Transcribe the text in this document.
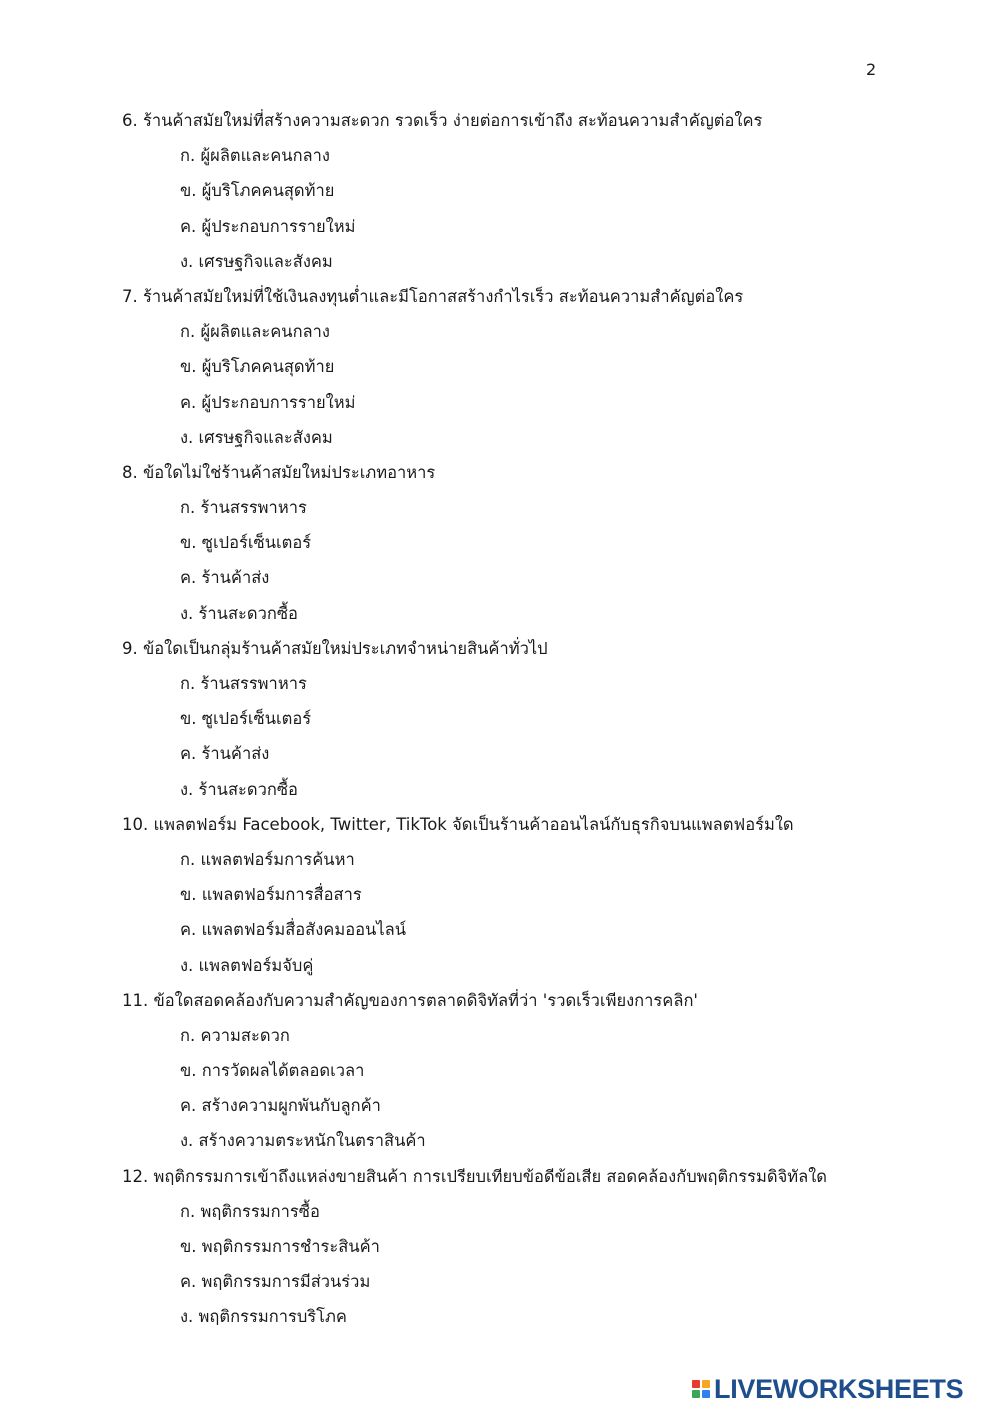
2

6. ร้านค้าสมัยใหม่ที่สร้างความสะดวก รวดเร็ว ง่ายต่อการเข้าถึง สะท้อนความสำคัญต่อใคร

ก. ผู้ผลิตและคนกลาง

ข. ผู้บริโภคคนสุดท้าย

ค. ผู้ประกอบการรายใหม่

ง. เศรษฐกิจและสังคม

7. ร้านค้าสมัยใหม่ที่ใช้เงินลงทุนต่ำและมีโอกาสสร้างกำไรเร็ว สะท้อนความสำคัญต่อใคร

ก. ผู้ผลิตและคนกลาง

ข. ผู้บริโภคคนสุดท้าย

ค. ผู้ประกอบการรายใหม่

ง. เศรษฐกิจและสังคม

8. ข้อใดไม่ใช่ร้านค้าสมัยใหม่ประเภทอาหาร

ก. ร้านสรรพาหาร

ข. ซูเปอร์เซ็นเตอร์

ค. ร้านค้าส่ง

ง. ร้านสะดวกซื้อ

9. ข้อใดเป็นกลุ่มร้านค้าสมัยใหม่ประเภทจำหน่ายสินค้าทั่วไป

ก. ร้านสรรพาหาร

ข. ซูเปอร์เซ็นเตอร์

ค. ร้านค้าส่ง

ง. ร้านสะดวกซื้อ

10. แพลตฟอร์ม Facebook, Twitter, TikTok จัดเป็นร้านค้าออนไลน์กับธุรกิจบนแพลตฟอร์มใด

ก. แพลตฟอร์มการค้นหา

ข. แพลตฟอร์มการสื่อสาร

ค. แพลตฟอร์มสื่อสังคมออนไลน์

ง. แพลตฟอร์มจับคู่

11. ข้อใดสอดคล้องกับความสำคัญของการตลาดดิจิทัลที่ว่า 'รวดเร็วเพียงการคลิก'

ก. ความสะดวก

ข. การวัดผลได้ตลอดเวลา

ค. สร้างความผูกพันกับลูกค้า

ง. สร้างความตระหนักในตราสินค้า

12. พฤติกรรมการเข้าถึงแหล่งขายสินค้า การเปรียบเทียบข้อดีข้อเสีย สอดคล้องกับพฤติกรรมดิจิทัลใด

ก. พฤติกรรมการซื้อ

ข. พฤติกรรมการชำระสินค้า

ค. พฤติกรรมการมีส่วนร่วม

ง. พฤติกรรมการบริโภค

LIVEWORKSHEETS
